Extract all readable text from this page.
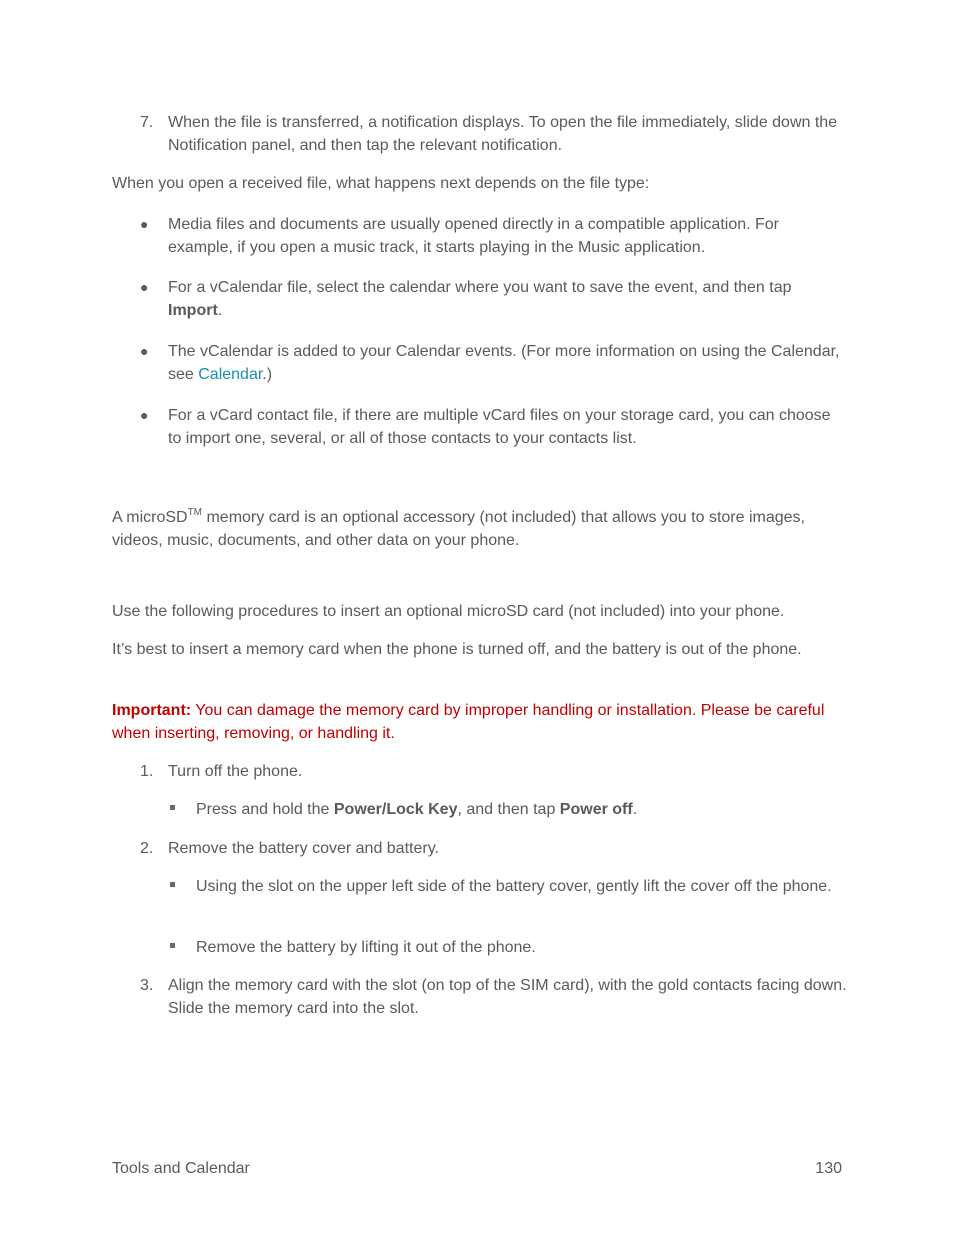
7. When the file is transferred, a notification displays. To open the file immediately, slide down the Notification panel, and then tap the relevant notification.

When you open a received file, what happens next depends on the file type:

● Media files and documents are usually opened directly in a compatible application. For example, if you open a music track, it starts playing in the Music application.

● For a vCalendar file, select the calendar where you want to save the event, and then tap Import.

● The vCalendar is added to your Calendar events. (For more information on using the Calendar, see Calendar.)

● For a vCard contact file, if there are multiple vCard files on your storage card, you can choose to import one, several, or all of those contacts to your contacts list.

A microSD™ memory card is an optional accessory (not included) that allows you to store images, videos, music, documents, and other data on your phone.

Use the following procedures to insert an optional microSD card (not included) into your phone.

It’s best to insert a memory card when the phone is turned off, and the battery is out of the phone.

Important: You can damage the memory card by improper handling or installation. Please be careful when inserting, removing, or handling it.

1. Turn off the phone.

Press and hold the Power/Lock Key, and then tap Power off.

2. Remove the battery cover and battery.

Using the slot on the upper left side of the battery cover, gently lift the cover off the phone.

Remove the battery by lifting it out of the phone.

3. Align the memory card with the slot (on top of the SIM card), with the gold contacts facing down. Slide the memory card into the slot.

Tools and Calendar	130
